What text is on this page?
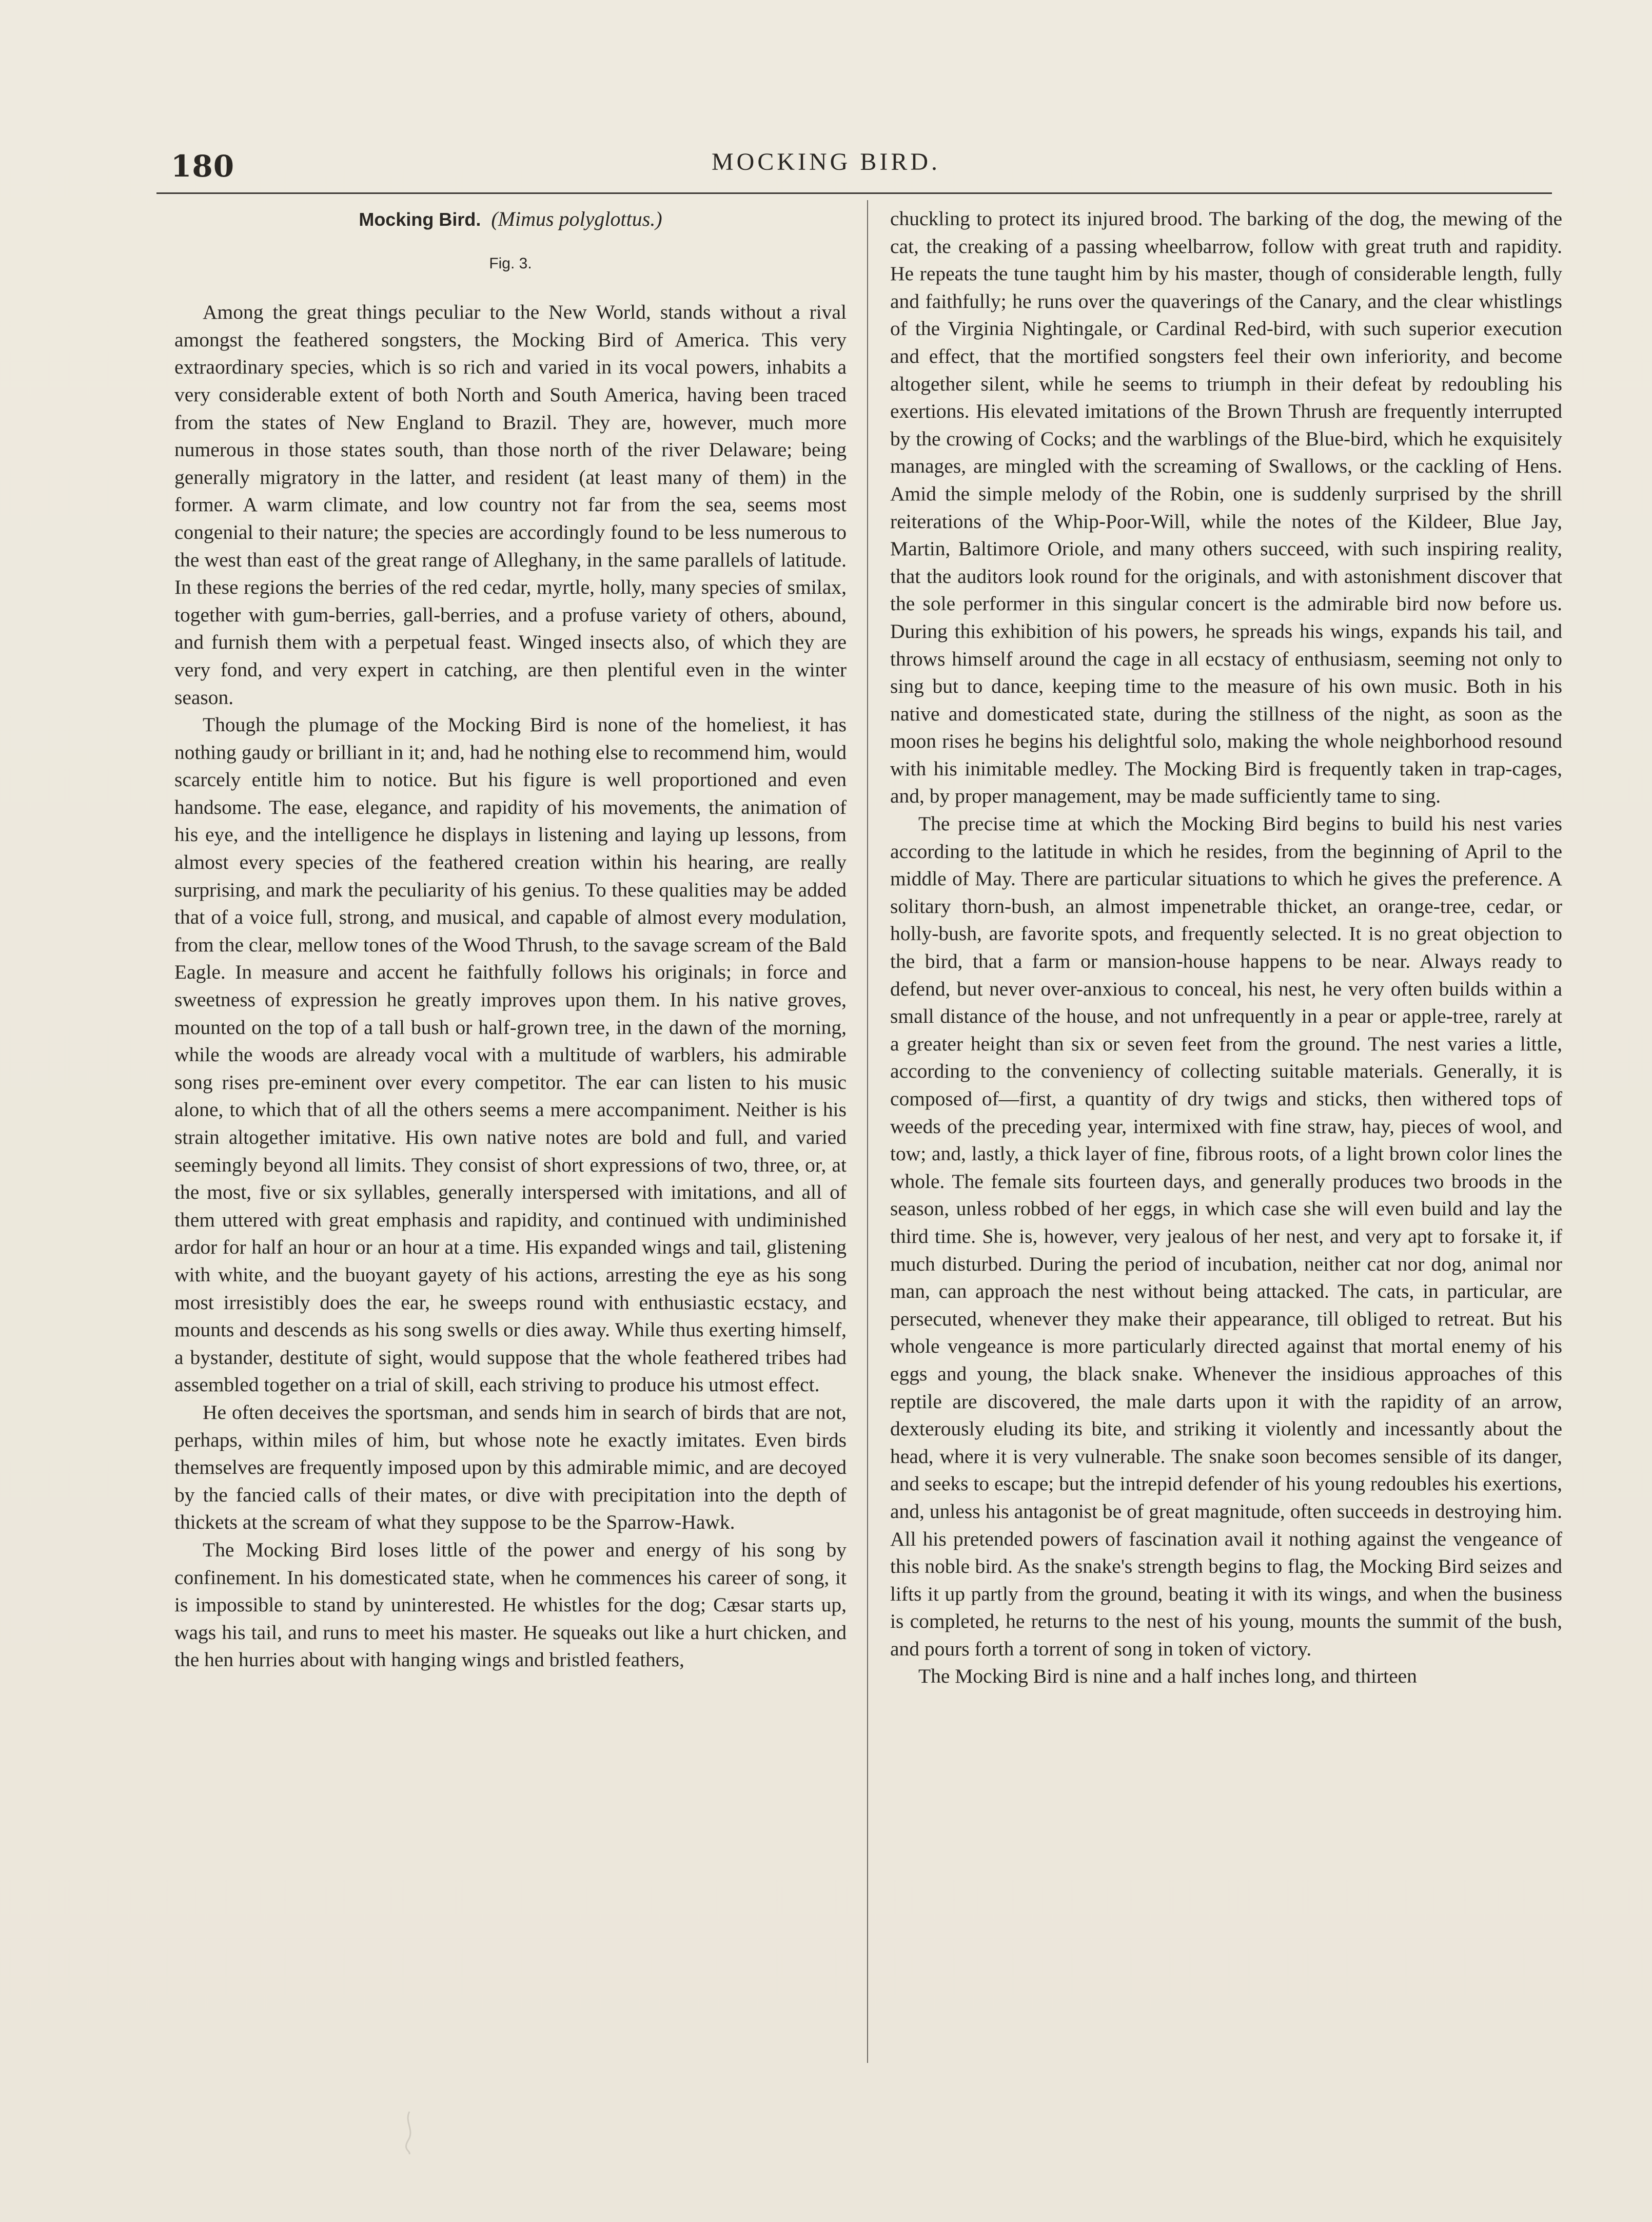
180	MOCKING BIRD.

Mocking Bird. (Mimus polyglottus.)

Fig. 3.

Among the great things peculiar to the New World, stands without a rival amongst the feathered songsters, the Mocking Bird of America. This very extraordinary species, which is so rich and varied in its vocal powers, inhabits a very considerable extent of both North and South America, having been traced from the states of New England to Brazil. They are, however, much more numerous in those states south, than those north of the river Delaware; being generally migratory in the latter, and resident (at least many of them) in the former. A warm climate, and low country not far from the sea, seems most congenial to their nature; the species are accordingly found to be less numerous to the west than east of the great range of Alleghany, in the same parallels of latitude. In these regions the berries of the red cedar, myrtle, holly, many species of smilax, together with gum-berries, gall-berries, and a profuse variety of others, abound, and furnish them with a perpetual feast. Winged insects also, of which they are very fond, and very expert in catching, are then plentiful even in the winter season.

Though the plumage of the Mocking Bird is none of the homeliest, it has nothing gaudy or brilliant in it; and, had he nothing else to recommend him, would scarcely entitle him to notice. But his figure is well proportioned and even handsome. The ease, elegance, and rapidity of his movements, the animation of his eye, and the intelligence he displays in listening and laying up lessons, from almost every species of the feathered creation within his hearing, are really surprising, and mark the peculiarity of his genius. To these qualities may be added that of a voice full, strong, and musical, and capable of almost every modulation, from the clear, mellow tones of the Wood Thrush, to the savage scream of the Bald Eagle. In measure and accent he faithfully follows his originals; in force and sweetness of expression he greatly improves upon them. In his native groves, mounted on the top of a tall bush or half-grown tree, in the dawn of the morning, while the woods are already vocal with a multitude of warblers, his admirable song rises pre-eminent over every competitor. The ear can listen to his music alone, to which that of all the others seems a mere accompaniment. Neither is his strain altogether imitative. His own native notes are bold and full, and varied seemingly beyond all limits. They consist of short expressions of two, three, or, at the most, five or six syllables, generally interspersed with imitations, and all of them uttered with great emphasis and rapidity, and continued with undiminished ardor for half an hour or an hour at a time. His expanded wings and tail, glistening with white, and the buoyant gayety of his actions, arresting the eye as his song most irresistibly does the ear, he sweeps round with enthusiastic ecstacy, and mounts and descends as his song swells or dies away. While thus exerting himself, a bystander, destitute of sight, would suppose that the whole feathered tribes had assembled together on a trial of skill, each striving to produce his utmost effect.

He often deceives the sportsman, and sends him in search of birds that are not, perhaps, within miles of him, but whose note he exactly imitates. Even birds themselves are frequently imposed upon by this admirable mimic, and are decoyed by the fancied calls of their mates, or dive with precipitation into the depth of thickets at the scream of what they suppose to be the Sparrow-Hawk.

The Mocking Bird loses little of the power and energy of his song by confinement. In his domesticated state, when he commences his career of song, it is impossible to stand by uninterested. He whistles for the dog; Cæsar starts up, wags his tail, and runs to meet his master. He squeaks out like a hurt chicken, and the hen hurries about with hanging wings and bristled feathers,

chuckling to protect its injured brood. The barking of the dog, the mewing of the cat, the creaking of a passing wheelbarrow, follow with great truth and rapidity. He repeats the tune taught him by his master, though of considerable length, fully and faithfully; he runs over the quaverings of the Canary, and the clear whistlings of the Virginia Nightingale, or Cardinal Red-bird, with such superior execution and effect, that the mortified songsters feel their own inferiority, and become altogether silent, while he seems to triumph in their defeat by redoubling his exertions. His elevated imitations of the Brown Thrush are frequently interrupted by the crowing of Cocks; and the warblings of the Blue-bird, which he exquisitely manages, are mingled with the screaming of Swallows, or the cackling of Hens. Amid the simple melody of the Robin, one is suddenly surprised by the shrill reiterations of the Whip-Poor-Will, while the notes of the Kildeer, Blue Jay, Martin, Baltimore Oriole, and many others succeed, with such inspiring reality, that the auditors look round for the originals, and with astonishment discover that the sole performer in this singular concert is the admirable bird now before us. During this exhibition of his powers, he spreads his wings, expands his tail, and throws himself around the cage in all ecstacy of enthusiasm, seeming not only to sing but to dance, keeping time to the measure of his own music. Both in his native and domesticated state, during the stillness of the night, as soon as the moon rises he begins his delightful solo, making the whole neighborhood resound with his inimitable medley. The Mocking Bird is frequently taken in trap-cages, and, by proper management, may be made sufficiently tame to sing.

The precise time at which the Mocking Bird begins to build his nest varies according to the latitude in which he resides, from the beginning of April to the middle of May. There are particular situations to which he gives the preference. A solitary thorn-bush, an almost impenetrable thicket, an orange-tree, cedar, or holly-bush, are favorite spots, and frequently selected. It is no great objection to the bird, that a farm or mansion-house happens to be near. Always ready to defend, but never over-anxious to conceal, his nest, he very often builds within a small distance of the house, and not unfrequently in a pear or apple-tree, rarely at a greater height than six or seven feet from the ground. The nest varies a little, according to the conveniency of collecting suitable materials. Generally, it is composed of—first, a quantity of dry twigs and sticks, then withered tops of weeds of the preceding year, intermixed with fine straw, hay, pieces of wool, and tow; and, lastly, a thick layer of fine, fibrous roots, of a light brown color lines the whole. The female sits fourteen days, and generally produces two broods in the season, unless robbed of her eggs, in which case she will even build and lay the third time. She is, however, very jealous of her nest, and very apt to forsake it, if much disturbed. During the period of incubation, neither cat nor dog, animal nor man, can approach the nest without being attacked. The cats, in particular, are persecuted, whenever they make their appearance, till obliged to retreat. But his whole vengeance is more particularly directed against that mortal enemy of his eggs and young, the black snake. Whenever the insidious approaches of this reptile are discovered, the male darts upon it with the rapidity of an arrow, dexterously eluding its bite, and striking it violently and incessantly about the head, where it is very vulnerable. The snake soon becomes sensible of its danger, and seeks to escape; but the intrepid defender of his young redoubles his exertions, and, unless his antagonist be of great magnitude, often succeeds in destroying him. All his pretended powers of fascination avail it nothing against the vengeance of this noble bird. As the snake's strength begins to flag, the Mocking Bird seizes and lifts it up partly from the ground, beating it with its wings, and when the business is completed, he returns to the nest of his young, mounts the summit of the bush, and pours forth a torrent of song in token of victory.

The Mocking Bird is nine and a half inches long, and thirteen
